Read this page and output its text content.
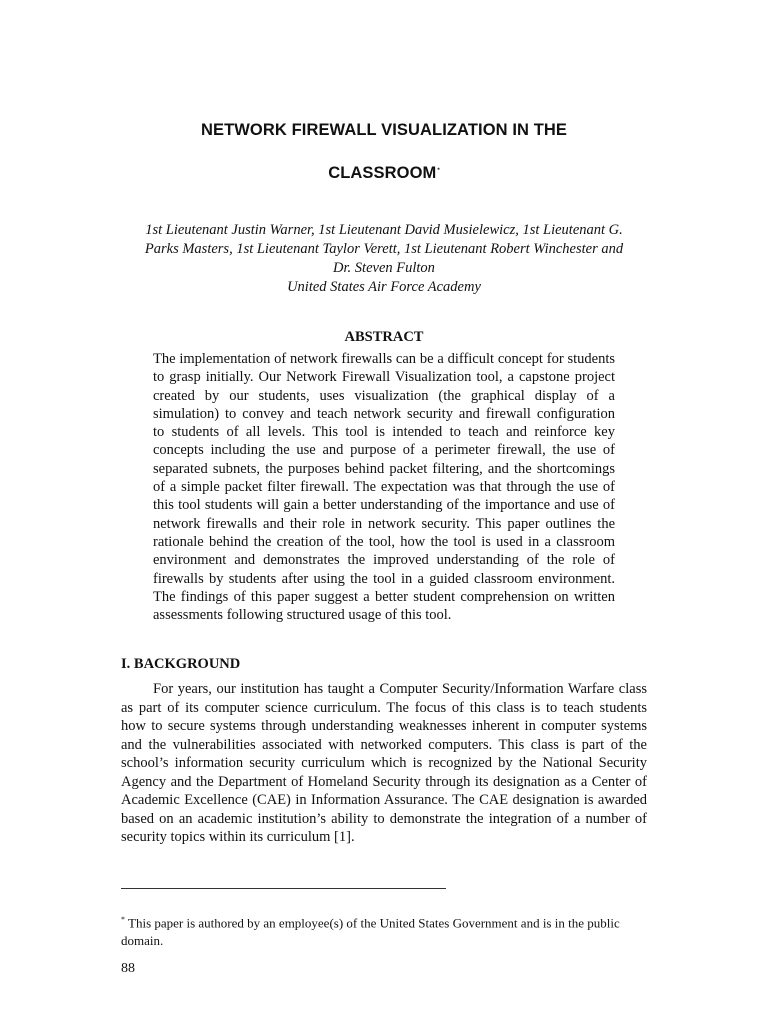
NETWORK FIREWALL VISUALIZATION IN THE
CLASSROOM*
1st Lieutenant Justin Warner, 1st Lieutenant David Musielewicz, 1st Lieutenant G.
Parks Masters, 1st Lieutenant Taylor Verett, 1st Lieutenant Robert Winchester and
Dr. Steven Fulton
United States Air Force Academy
ABSTRACT
The implementation of network firewalls can be a difficult concept for students
to grasp initially. Our Network Firewall Visualization tool, a capstone project
created by our students, uses visualization (the graphical display of a
simulation) to convey and teach network security and firewall configuration
to students of all levels. This tool is intended to teach and reinforce key
concepts including the use and purpose of a perimeter firewall, the use of
separated subnets, the purposes behind packet filtering, and the shortcomings
of a simple packet filter firewall. The expectation was that through the use of
this tool students will gain a better understanding of the importance and use of
network firewalls and their role in network security. This paper outlines the
rationale behind the creation of the tool, how the tool is used in a classroom
environment and demonstrates the improved understanding of the role of
firewalls by students after using the tool in a guided classroom environment.
The findings of this paper suggest a better student comprehension on written
assessments following structured usage of this tool.
I. BACKGROUND
For years, our institution has taught a Computer Security/Information Warfare class
as part of its computer science curriculum. The focus of this class is to teach students
how to secure systems through understanding weaknesses inherent in computer systems
and the vulnerabilities associated with networked computers. This class is part of the
school’s information security curriculum which is recognized by the National Security
Agency and the Department of Homeland Security through its designation as a Center of
Academic Excellence (CAE) in Information Assurance. The CAE designation is awarded
based on an academic institution’s ability to demonstrate the integration of a number of
security topics within its curriculum [1].
* This paper is authored by an employee(s) of the United States Government and is in the public
domain.
88
